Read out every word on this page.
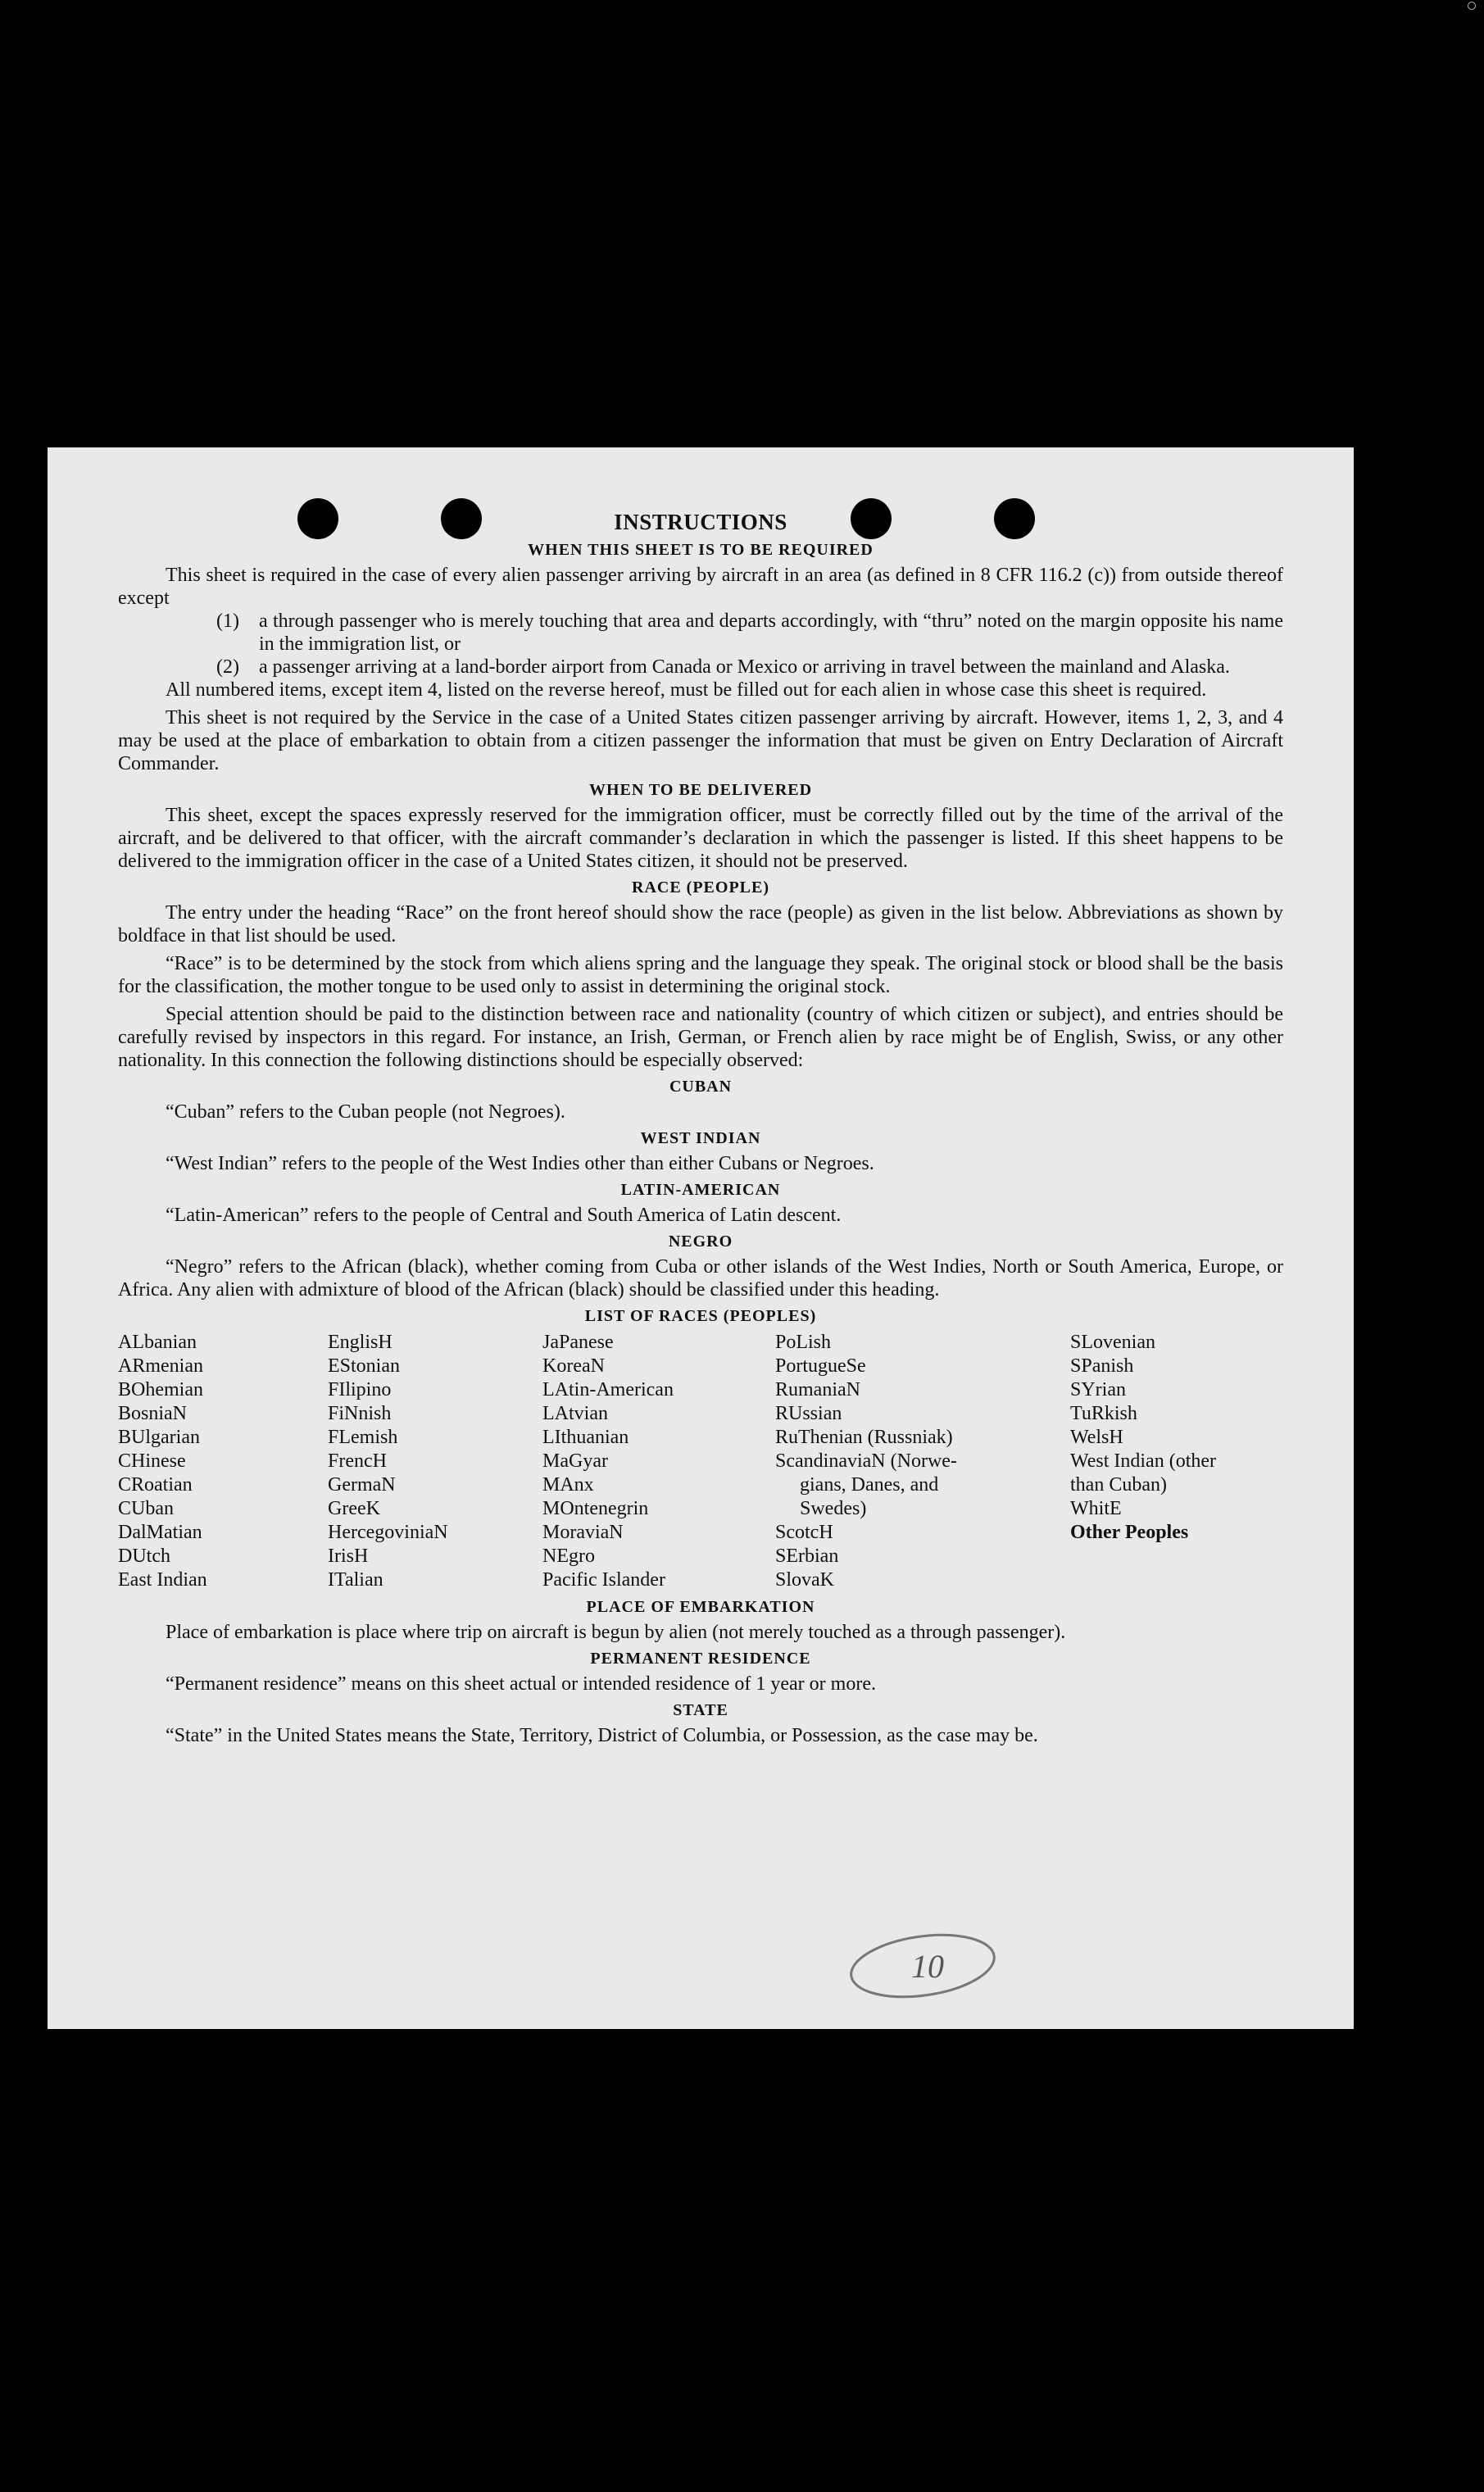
INSTRUCTIONS
WHEN THIS SHEET IS TO BE REQUIRED

This sheet is required in the case of every alien passenger arriving by aircraft in an area (as defined in 8 CFR 116.2 (c)) from outside thereof except

(1)	a through passenger who is merely touching that area and departs accordingly, with “thru” noted on the margin opposite his name in the immigration list, or
(2)	a passenger arriving at a land-border airport from Canada or Mexico or arriving in travel between the mainland and Alaska.

All numbered items, except item 4, listed on the reverse hereof, must be filled out for each alien in whose case this sheet is required.

This sheet is not required by the Service in the case of a United States citizen passenger arriving by aircraft. However, items 1, 2, 3, and 4 may be used at the place of embarkation to obtain from a citizen passenger the information that must be given on Entry Declaration of Aircraft Commander.

WHEN TO BE DELIVERED

This sheet, except the spaces expressly reserved for the immigration officer, must be correctly filled out by the time of the arrival of the aircraft, and be delivered to that officer, with the aircraft commander’s declaration in which the passenger is listed. If this sheet happens to be delivered to the immigration officer in the case of a United States citizen, it should not be preserved.

RACE (PEOPLE)

The entry under the heading “Race” on the front hereof should show the race (people) as given in the list below. Abbreviations as shown by boldface in that list should be used.

“Race” is to be determined by the stock from which aliens spring and the language they speak. The original stock or blood shall be the basis for the classification, the mother tongue to be used only to assist in determining the original stock.

Special attention should be paid to the distinction between race and nationality (country of which citizen or subject), and entries should be carefully revised by inspectors in this regard. For instance, an Irish, German, or French alien by race might be of English, Swiss, or any other nationality. In this connection the following distinctions should be especially observed:

CUBAN

“Cuban” refers to the Cuban people (not Negroes).

WEST INDIAN

“West Indian” refers to the people of the West Indies other than either Cubans or Negroes.

LATIN-AMERICAN

“Latin-American” refers to the people of Central and South America of Latin descent.

NEGRO

“Negro” refers to the African (black), whether coming from Cuba or other islands of the West Indies, North or South America, Europe, or Africa. Any alien with admixture of blood of the African (black) should be classified under this heading.

LIST OF RACES (PEOPLES)
ALbanian
ARmenian
BOhemian
BosniaN
BUlgarian
CHinese
CRoatian
CUban
DalMatian
DUtch
East Indian
EnglisH
EStonian
FIlipino
FiNnish
FLemish
FrencH
GermaN
GreeK
HercegoviniaN
IrisH
ITalian
JaPanese
KoreaN
LAtin-American
LAtvian
LIthuanian
MaGyar
MAnx
MOntenegrin
MoraviaN
NEgro
Pacific Islander
PoLish
PortugueSe
RumaniaN
RUssian
RuThenian (Russniak)
ScandinaviaN (Norwe-
gians, Danes, and
Swedes)
ScotcH
SErbian
SlovaK
SLovenian
SPanish
SYrian
TuRkish
WelsH
West Indian (other
than Cuban)
WhitE
Other Peoples
PLACE OF EMBARKATION

Place of embarkation is place where trip on aircraft is begun by alien (not merely touched as a through passenger).

PERMANENT RESIDENCE

“Permanent residence” means on this sheet actual or intended residence of 1 year or more.

STATE

“State” in the United States means the State, Territory, District of Columbia, or Possession, as the case may be.

10
